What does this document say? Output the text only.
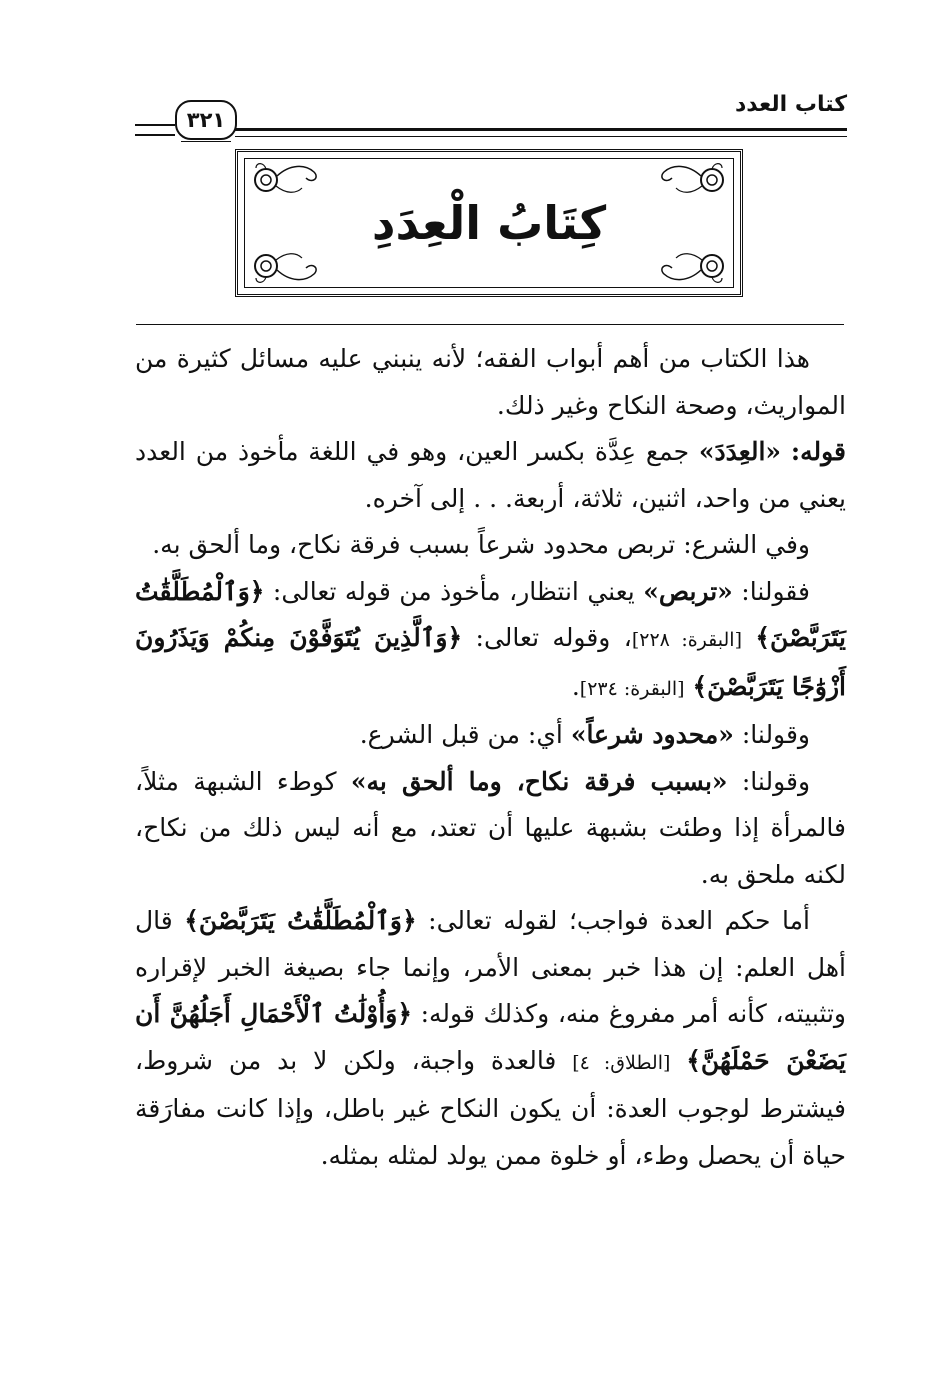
كتاب العدد
٣٢١
كِتَابُ الْعِدَدِ

هذا الكتاب من أهم أبواب الفقه؛ لأنه ينبني عليه مسائل كثيرة من المواريث، وصحة النكاح وغير ذلك.

قوله: «العِدَدَ» جمع عِدَّة بكسر العين، وهو في اللغة مأخوذ من العدد يعني من واحد، اثنين، ثلاثة، أربعة. . . إلى آخره.

وفي الشرع: تربص محدود شرعاً بسبب فرقة نكاح، وما ألحق به.

فقولنا: «تربص» يعني انتظار، مأخوذ من قوله تعالى: ﴿وَٱلْمُطَلَّقَٰتُ يَتَرَبَّصْنَ﴾ [البقرة: ٢٢٨]، وقوله تعالى: ﴿وَٱلَّذِينَ يُتَوَفَّوْنَ مِنكُمْ وَيَذَرُونَ أَزْوَٰجًا يَتَرَبَّصْنَ﴾ [البقرة: ٢٣٤].

وقولنا: «محدود شرعاً» أي: من قبل الشرع.

وقولنا: «بسبب فرقة نكاح، وما ألحق به» كوطء الشبهة مثلاً، فالمرأة إذا وطئت بشبهة عليها أن تعتد، مع أنه ليس ذلك من نكاح، لكنه ملحق به.

أما حكم العدة فواجب؛ لقوله تعالى: ﴿وَٱلْمُطَلَّقَٰتُ يَتَرَبَّصْنَ﴾ قال أهل العلم: إن هذا خبر بمعنى الأمر، وإنما جاء بصيغة الخبر لإقراره وتثبيته، كأنه أمر مفروغ منه، وكذلك قوله: ﴿وَأُوْلَٰتُ ٱلْأَحْمَالِ أَجَلُهُنَّ أَن يَضَعْنَ حَمْلَهُنَّ﴾ [الطلاق: ٤] فالعدة واجبة، ولكن لا بد من شروط، فيشترط لوجوب العدة: أن يكون النكاح غير باطل، وإذا كانت مفارَقة حياة أن يحصل وطء، أو خلوة ممن يولد لمثله بمثله.
